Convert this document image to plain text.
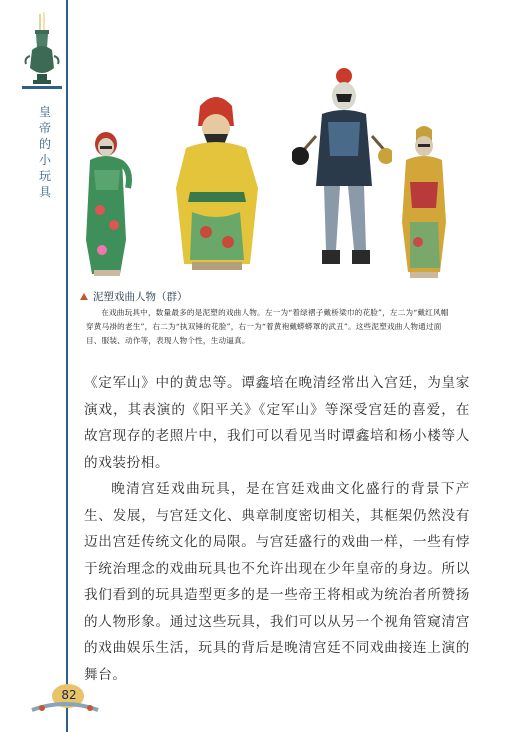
皇帝的小玩具
泥塑戏曲人物（群）
在戏曲玩具中，数量最多的是泥塑的戏曲人物。左一为“着绿褶子戴桥梁巾的花脸”，左二为“戴红风帽穿黄马褂的老生”，右二为“执双锤的花脸”，右一为“着黄袍戴蟒蟒罩的武丑”。这些泥塑戏曲人物通过面目、服装、动作等，表现人物个性，生动逼真。

《定军山》中的黄忠等。谭鑫培在晚清经常出入宫廷，为皇家演戏，其表演的《阳平关》《定军山》等深受宫廷的喜爱，在故宫现存的老照片中，我们可以看见当时谭鑫培和杨小楼等人的戏装扮相。

晚清宫廷戏曲玩具，是在宫廷戏曲文化盛行的背景下产生、发展，与宫廷文化、典章制度密切相关，其框架仍然没有迈出宫廷传统文化的局限。与宫廷盛行的戏曲一样，一些有悖于统治理念的戏曲玩具也不允许出现在少年皇帝的身边。所以我们看到的玩具造型更多的是一些帝王将相或为统治者所赞扬的人物形象。通过这些玩具，我们可以从另一个视角管窥清宫的戏曲娱乐生活，玩具的背后是晚清宫廷不同戏曲接连上演的舞台。

82
